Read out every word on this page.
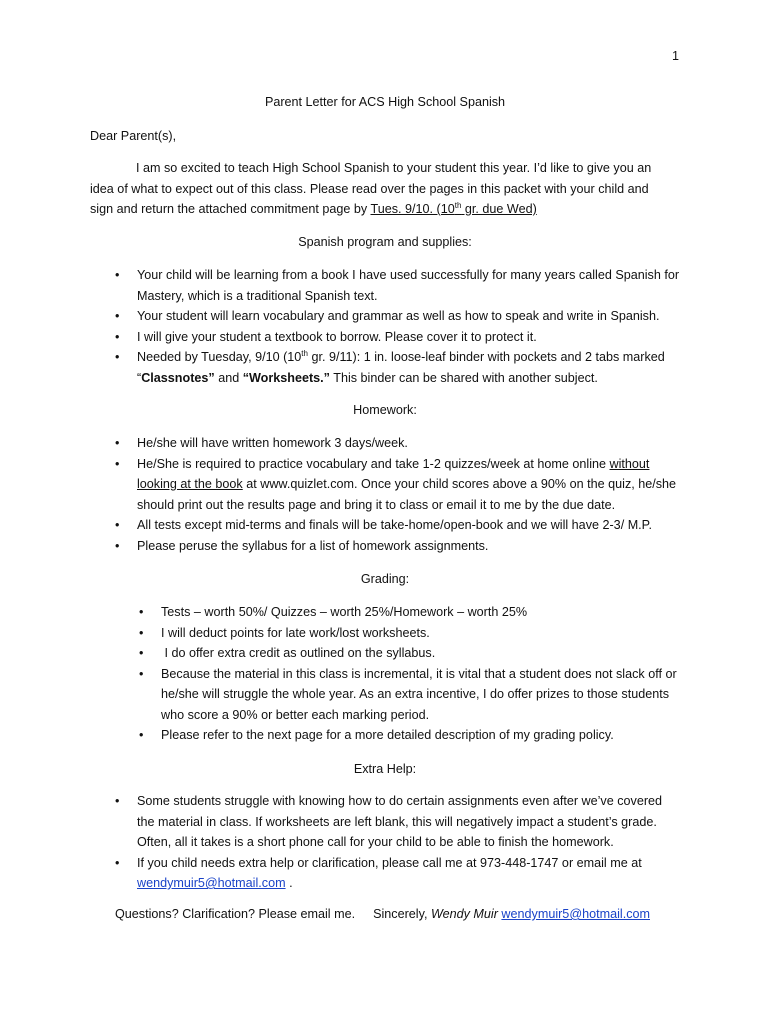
1
Parent Letter for ACS High School Spanish
Dear Parent(s),
I am so excited to teach High School Spanish to your student this year. I’d like to give you an idea of what to expect out of this class. Please read over the pages in this packet with your child and sign and return the attached commitment page by Tues. 9/10. (10th gr. due Wed)
Spanish program and supplies:
• Your child will be learning from a book I have used successfully for many years called Spanish for Mastery, which is a traditional Spanish text.
• Your student will learn vocabulary and grammar as well as how to speak and write in Spanish.
• I will give your student a textbook to borrow. Please cover it to protect it.
• Needed by Tuesday, 9/10 (10th gr. 9/11): 1 in. loose-leaf binder with pockets and 2 tabs marked “Classnotes” and “Worksheets.” This binder can be shared with another subject.
Homework:
• He/she will have written homework 3 days/week.
• He/She is required to practice vocabulary and take 1-2 quizzes/week at home online without looking at the book at www.quizlet.com. Once your child scores above a 90% on the quiz, he/she should print out the results page and bring it to class or email it to me by the due date.
• All tests except mid-terms and finals will be take-home/open-book and we will have 2-3/ M.P.
• Please peruse the syllabus for a list of homework assignments.
Grading:
• Tests – worth 50%/ Quizzes – worth 25%/Homework – worth 25%
• I will deduct points for late work/lost worksheets.
•  I do offer extra credit as outlined on the syllabus.
• Because the material in this class is incremental, it is vital that a student does not slack off or he/she will struggle the whole year. As an extra incentive, I do offer prizes to those students who score a 90% or better each marking period.
• Please refer to the next page for a more detailed description of my grading policy.
Extra Help:
• Some students struggle with knowing how to do certain assignments even after we’ve covered the material in class. If worksheets are left blank, this will negatively impact a student’s grade. Often, all it takes is a short phone call for your child to be able to finish the homework.
• If you child needs extra help or clarification, please call me at 973-448-1747 or email me at wendymuir5@hotmail.com .
Questions? Clarification? Please email me. Sincerely, Wendy Muir wendymuir5@hotmail.com
